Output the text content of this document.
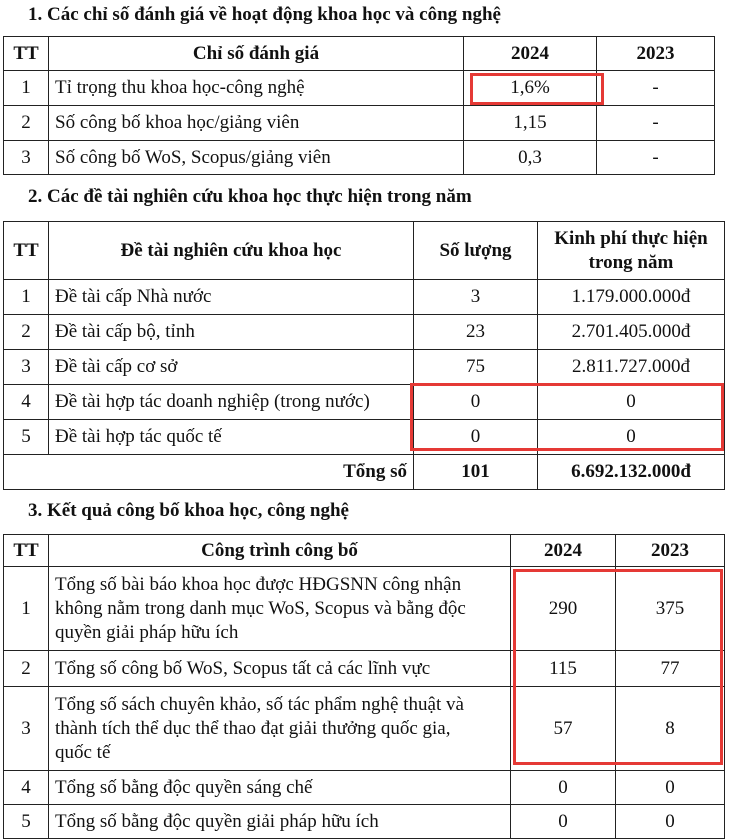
1. Các chỉ số đánh giá về hoạt động khoa học và công nghệ
TT	Chỉ số đánh giá	2024	2023
1	Tỉ trọng thu khoa học-công nghệ	1,6%	-
2	Số công bố khoa học/giảng viên	1,15	-
3	Số công bố WoS, Scopus/giảng viên	0,3	-
2. Các đề tài nghiên cứu khoa học thực hiện trong năm
TT	Đề tài nghiên cứu khoa học	Số lượng	Kinh phí thực hiện
trong năm

1	Đề tài cấp Nhà nước	3	1.179.000.000đ
2	Đề tài cấp bộ, tỉnh	23	2.701.405.000đ
3	Đề tài cấp cơ sở	75	2.811.727.000đ
4	Đề tài hợp tác doanh nghiệp (trong nước)	0	0
5	Đề tài hợp tác quốc tế	0	0
Tổng số		101	6.692.132.000đ
3. Kết quả công bố khoa học, công nghệ
TT	Công trình công bố	2024	2023
1	Tổng số bài báo khoa học được HĐGSNN công nhận
không nằm trong danh mục WoS, Scopus và bằng độc
quyền giải pháp hữu ích	290	375
2	Tổng số công bố WoS, Scopus tất cả các lĩnh vực	115	77
3	Tổng số sách chuyên khảo, số tác phẩm nghệ thuật và
thành tích thể dục thể thao đạt giải thưởng quốc gia,
quốc tế	57	8
4	Tổng số bằng độc quyền sáng chế	0	0
5	Tổng số bằng độc quyền giải pháp hữu ích	0	0
